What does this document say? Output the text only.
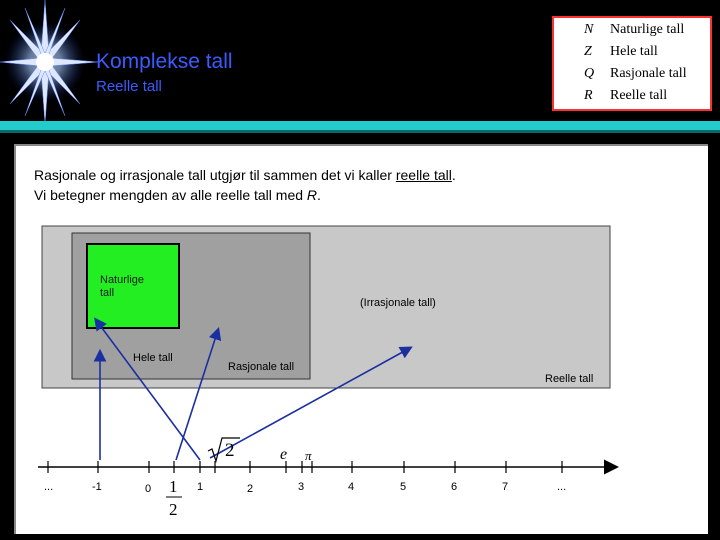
Komplekse tall
Reelle tall
N Naturlige tall
Z Hele tall
Q Rasjonale tall
R Reelle tall
Rasjonale og irrasjonale tall utgjør til sammen det vi kaller reelle tall.
Vi betegner mengden av alle reelle tall med R.
Naturlige tall
(Irrasjonale tall)
Hele tall
Rasjonale tall
Reelle tall
...	-1	0	1	2	3	4	5	6	7	...
1
2
2	e π
